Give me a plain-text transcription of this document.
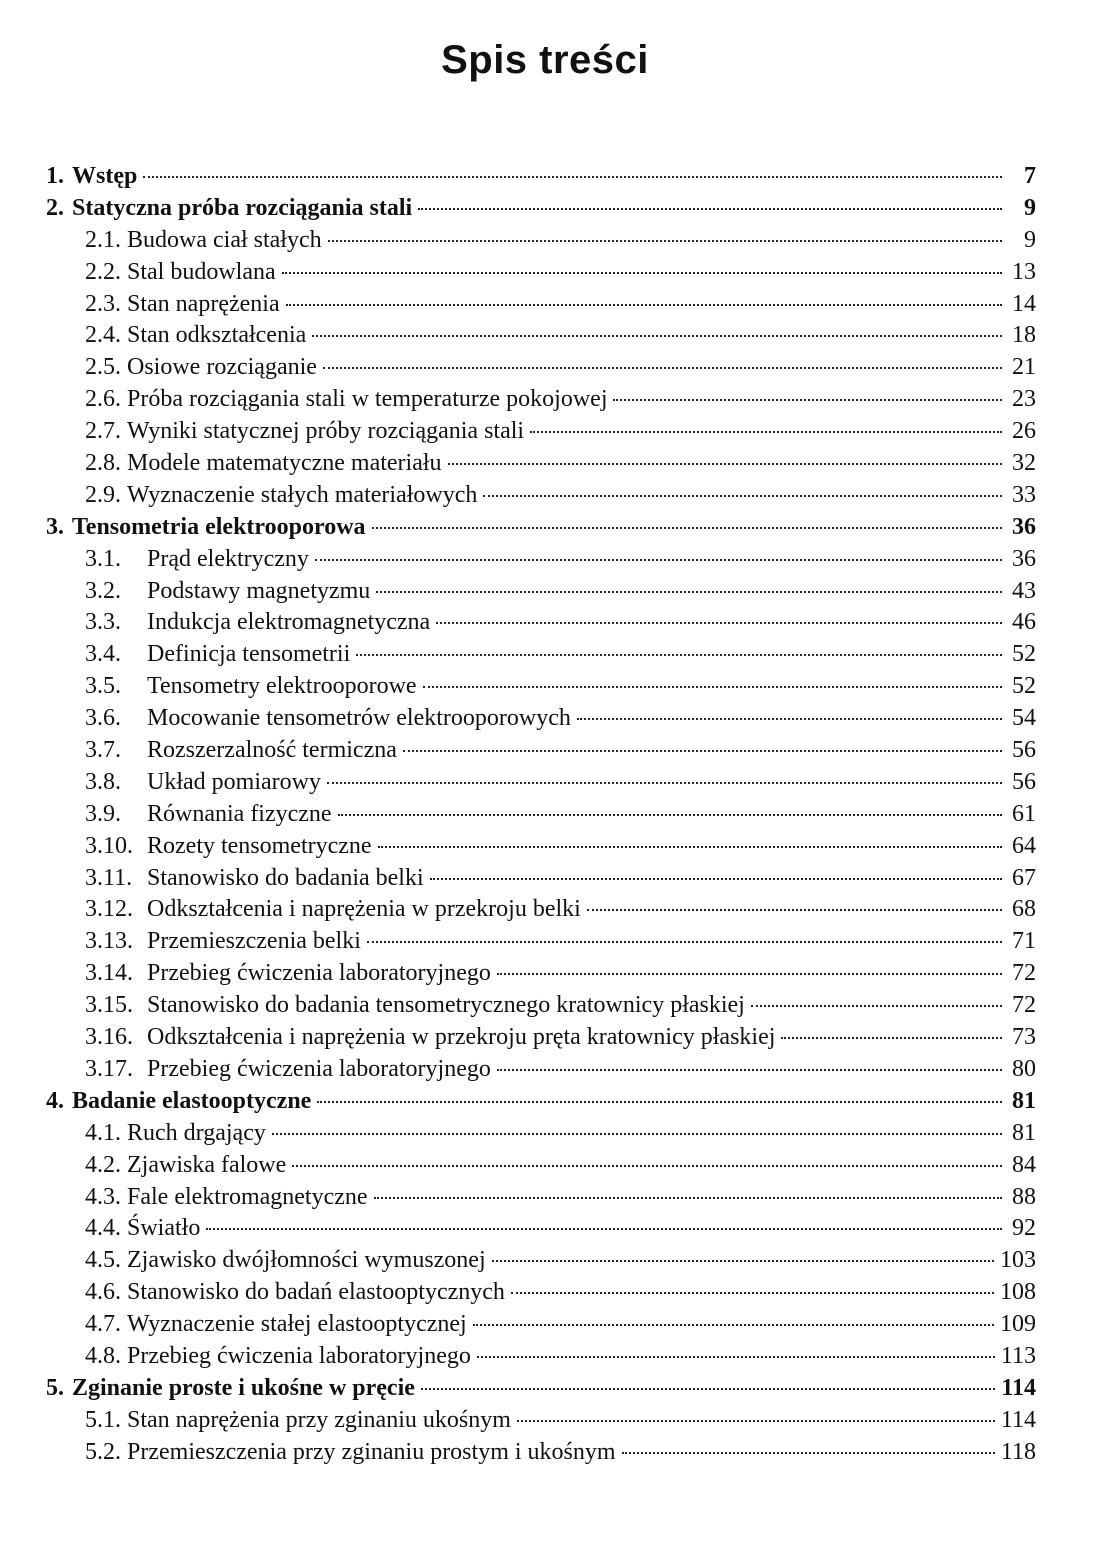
Spis treści
1. Wstęp	7
2. Statyczna próba rozciągania stali	9
2.1. Budowa ciał stałych	9
2.2. Stal budowlana	13
2.3. Stan naprężenia	14
2.4. Stan odkształcenia	18
2.5. Osiowe rozciąganie	21
2.6. Próba rozciągania stali w temperaturze pokojowej	23
2.7. Wyniki statycznej próby rozciągania stali	26
2.8. Modele matematyczne materiału	32
2.9. Wyznaczenie stałych materiałowych	33
3. Tensometria elektrooporowa	36
3.1.	Prąd elektryczny	36
3.2.	Podstawy magnetyzmu	43
3.3.	Indukcja elektromagnetyczna	46
3.4.	Definicja tensometrii	52
3.5.	Tensometry elektrooporowe	52
3.6.	Mocowanie tensometrów elektrooporowych	54
3.7.	Rozszerzalność termiczna	56
3.8.	Układ pomiarowy	56
3.9.	Równania fizyczne	61
3.10. Rozety tensometryczne	64
3.11. Stanowisko do badania belki	67
3.12. Odkształcenia i naprężenia w przekroju belki	68
3.13. Przemieszczenia belki	71
3.14. Przebieg ćwiczenia laboratoryjnego	72
3.15. Stanowisko do badania tensometrycznego kratownicy płaskiej	72
3.16. Odkształcenia i naprężenia w przekroju pręta kratownicy płaskiej	73
3.17. Przebieg ćwiczenia laboratoryjnego	80
4. Badanie elastooptyczne	81
4.1. Ruch drgający	81
4.2. Zjawiska falowe	84
4.3. Fale elektromagnetyczne	88
4.4. Światło	92
4.5. Zjawisko dwójłomności wymuszonej	103
4.6. Stanowisko do badań elastooptycznych	108
4.7. Wyznaczenie stałej elastooptycznej	109
4.8. Przebieg ćwiczenia laboratoryjnego	113
5. Zginanie proste i ukośne w pręcie	114
5.1. Stan naprężenia przy zginaniu ukośnym	114
5.2. Przemieszczenia przy zginaniu prostym i ukośnym	118
